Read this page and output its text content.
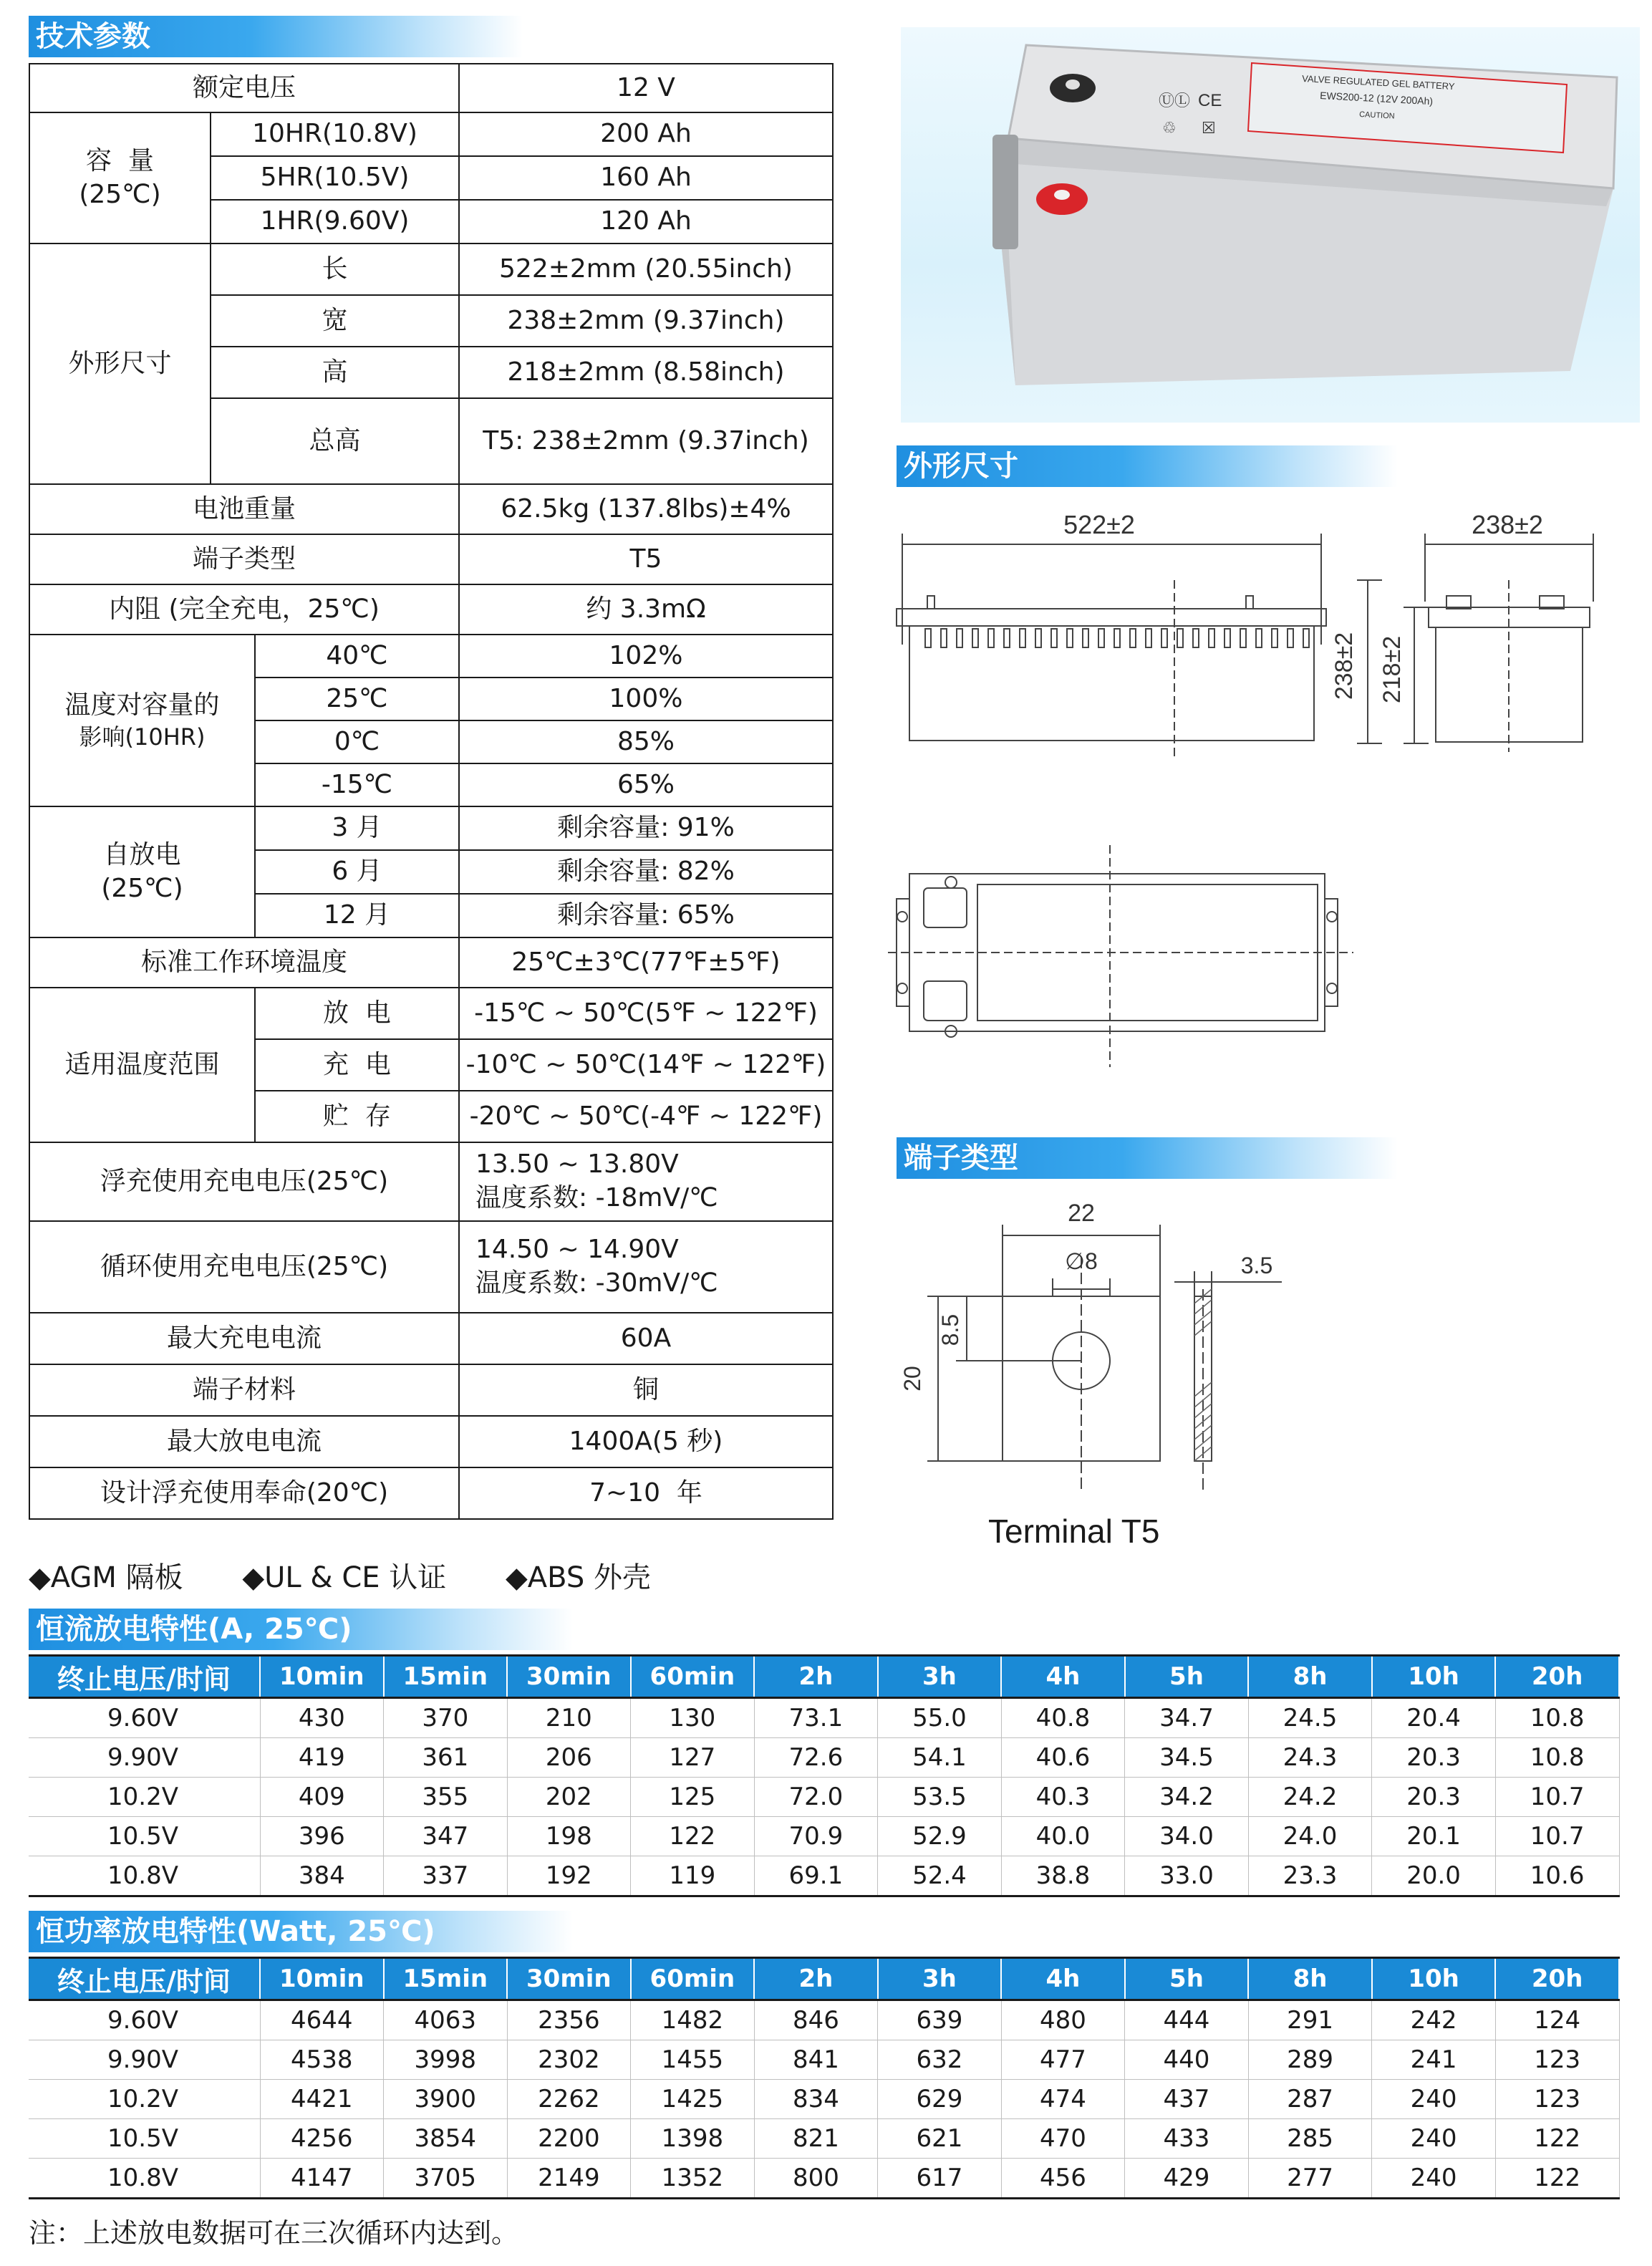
技术参数
额定电压			12 V

容  量
(25℃)	10HR(10.8V)		200 Ah
	5HR(10.5V)		160 Ah
	1HR(9.60V)		120 Ah
外形尺寸	长		522±2mm (20.55inch)
	宽		238±2mm (9.37inch)
	高		218±2mm (8.58inch)
	总高		T5: 238±2mm (9.37inch)
电池重量			62.5kg (137.8lbs)±4%
端子类型			T5
内阻 (完全充电，25℃)			约 3.3mΩ

温度对容量的
影响(10HR)		40℃	102%
		25℃	100%
		0℃	85%
		-15℃	65%

自放电
(25℃)		3 月	剩余容量: 91%
		6 月	剩余容量: 82%
		12 月	剩余容量: 65%
标准工作环境温度			25℃±3℃(77℉±5℉)
适用温度范围		放  电	-15℃ ~ 50℃(5℉ ~ 122℉)
		充  电	-10℃ ~ 50℃(14℉ ~ 122℉)
		贮  存	-20℃ ~ 50℃(-4℉ ~ 122℉)
浮充使用充电电压(25℃)			13.50 ~ 13.80V
温度系数: -18mV/℃

循环使用充电电压(25℃)			14.50 ~ 14.90V
温度系数: -30mV/℃

最大充电电流			60A
端子材料			铜
最大放电电流			1400A(5 秒)
设计浮充使用奉命(20℃)			7~10  年
◆AGM 隔板 ◆UL & CE 认证 ◆ABS 外壳
VALVE REGULATED GEL BATTERY
EWS200-12 (12V 200Ah)
CAUTION
ⓊⓁ CE
♲ ☒
外形尺寸
522±2	238±2
238±2 218±2
端子类型
22
∅8	3.5
8.5
20
Terminal T5
恒流放电特性(A, 25℃)
终止电压/时间	10min	15min	30min	60min	2h	3h	4h	5h	8h	10h	20h
9.60V	430	370	210	130	73.1	55.0	40.8	34.7	24.5	20.4	10.8
9.90V	419	361	206	127	72.6	54.1	40.6	34.5	24.3	20.3	10.8
10.2V	409	355	202	125	72.0	53.5	40.3	34.2	24.2	20.3	10.7
10.5V	396	347	198	122	70.9	52.9	40.0	34.0	24.0	20.1	10.7
10.8V	384	337	192	119	69.1	52.4	38.8	33.0	23.3	20.0	10.6
恒功率放电特性(Watt, 25℃)
终止电压/时间	10min	15min	30min	60min	2h	3h	4h	5h	8h	10h	20h
9.60V	4644	4063	2356	1482	846	639	480	444	291	242	124
9.90V	4538	3998	2302	1455	841	632	477	440	289	241	123
10.2V	4421	3900	2262	1425	834	629	474	437	287	240	123
10.5V	4256	3854	2200	1398	821	621	470	433	285	240	122
10.8V	4147	3705	2149	1352	800	617	456	429	277	240	122
注：上述放电数据可在三次循环内达到。
